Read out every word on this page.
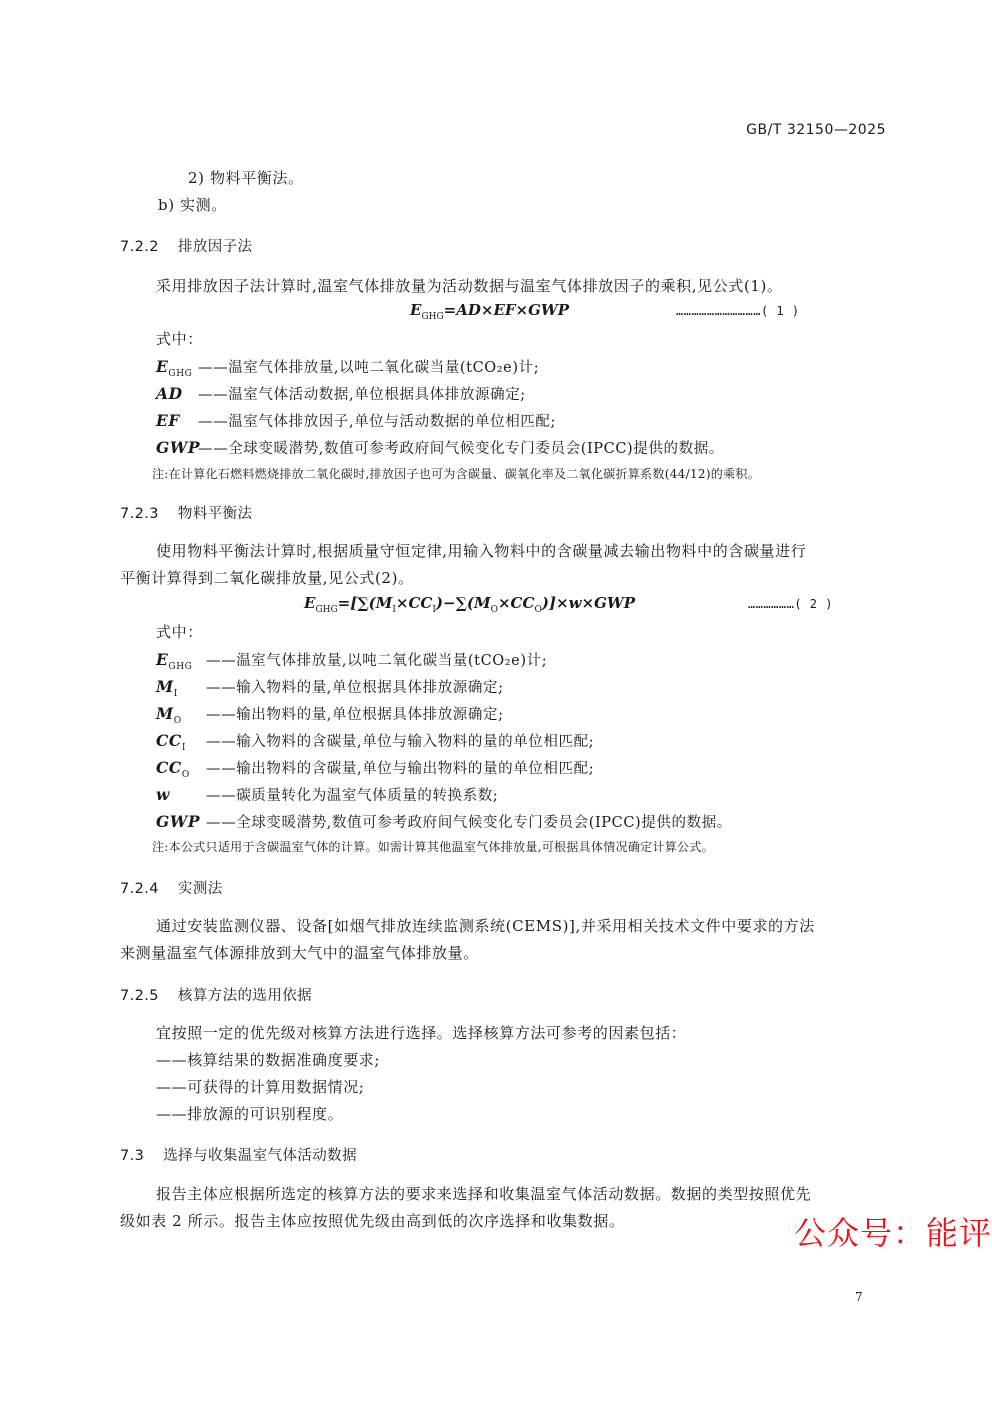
GB/T 32150—2025
2) 物料平衡法。
b) 实测。
7.2.2 排放因子法
采用排放因子法计算时,温室气体排放量为活动数据与温室气体排放因子的乘积,见公式(1)。
$E_{GHG}=AD\times EF\times GWP$	……………………………( 1 )
式中：
$E_{GHG}$ ——温室气体排放量,以吨二氧化碳当量(tCO₂e)计;
AD ——温室气体活动数据,单位根据具体排放源确定;
EF ——温室气体排放因子,单位与活动数据的单位相匹配;
GWP——全球变暖潜势,数值可参考政府间气候变化专门委员会(IPCC)提供的数据。
注:在计算化石燃料燃烧排放二氧化碳时,排放因子也可为含碳量、碳氧化率及二氧化碳折算系数(44/12)的乘积。
7.2.3 物料平衡法
使用物料平衡法计算时,根据质量守恒定律,用输入物料中的含碳量减去输出物料中的含碳量进行
平衡计算得到二氧化碳排放量,见公式(2)。
$E_{GHG}=[\sum(M_I\times CC_I)-\sum(M_O\times CC_O)]\times w\times GWP$	………………( 2 )
式中：
$E_{GHG}$ ——温室气体排放量,以吨二氧化碳当量(tCO₂e)计;
$M_I$ ——输入物料的量,单位根据具体排放源确定;
$M_O$ ——输出物料的量,单位根据具体排放源确定;
$CC_I$ ——输入物料的含碳量,单位与输入物料的量的单位相匹配;
$CC_O$ ——输出物料的含碳量,单位与输出物料的量的单位相匹配;
w ——碳质量转化为温室气体质量的转换系数;
GWP ——全球变暖潜势,数值可参考政府间气候变化专门委员会(IPCC)提供的数据。
注:本公式只适用于含碳温室气体的计算。如需计算其他温室气体排放量,可根据具体情况确定计算公式。
7.2.4 实测法
通过安装监测仪器、设备[如烟气排放连续监测系统(CEMS)],并采用相关技术文件中要求的方法
来测量温室气体源排放到大气中的温室气体排放量。
7.2.5 核算方法的选用依据
宜按照一定的优先级对核算方法进行选择。选择核算方法可参考的因素包括：
——核算结果的数据准确度要求;
——可获得的计算用数据情况;
——排放源的可识别程度。
7.3 选择与收集温室气体活动数据
报告主体应根据所选定的核算方法的要求来选择和收集温室气体活动数据。数据的类型按照优先
级如表 2 所示。报告主体应按照优先级由高到低的次序选择和收集数据。	公众号：能评
7
